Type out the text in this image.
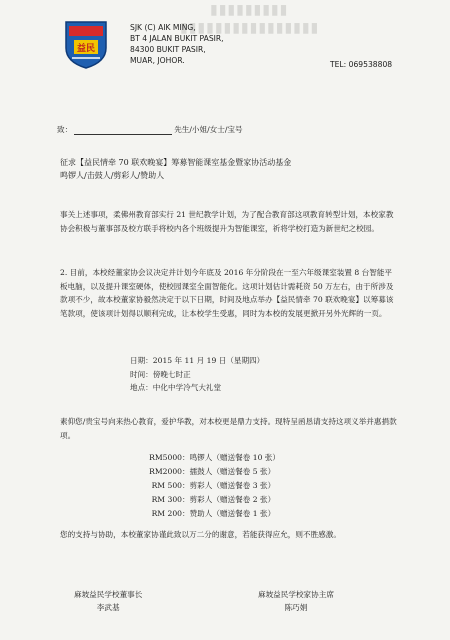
▮▮▮▮▮▮▮▮▮
▮▮▮▮▮▮▮▮▮▮▮▮▮▮▮▮
益民
SJK (C) AIK MING,
BT 4 JALAN BUKIT PASIR,
84300 BUKIT PASIR,
MUAR, JOHOR.	TEL: 069538808
致：	先生/小姐/女士/宝号
征求【益民情牵 70 联欢晚宴】筹募智能课室基金暨家协活动基金
鸣锣人/击鼓人/剪彩人/赞助人

事关上述事项，柔佛州教育部实行 21 世纪教学计划，为了配合教育部这项教育转型计划，本校家教协会积极与董事部及校方联手将校内各个班级提升为智能课室，祈将学校打造为新世纪之校园。

2. 目前，本校经董家协会议决定并计划今年底及 2016 年分阶段在一至六年级课室装置 8 台智能平板电脑，以及提升课室硬体，使校园课室全面智能化。这项计划估计需耗资 50 万左右，由于所涉及款项不少，故本校董家协毅然决定于以下日期，时间及地点举办【益民情牵 70 联欢晚宴】以筹募该笔款项，使该项计划得以顺利完成，让本校学生受惠，同时为本校的发展更掀开另外光辉的一页。

日期：2015 年 11 月 19 日（星期四）
时间：傍晚七时正
地点：中化中学冷气大礼堂

素仰您/贵宝号向来热心教育，爱护华教，对本校更是鼎力支持。现特呈函恳请支持这项义举并惠捐款项。

RM5000 ：鸣锣人 （赠送餐卷 10 张）
RM2000 ：擂鼓人 （赠送餐卷 5 张）
RM 500 ：剪彩人 （赠送餐卷 3 张）
RM 300 ：剪彩人 （赠送餐卷 2 张）
RM 200 ：赞助人 （赠送餐卷 1 张）

您的支持与协助，本校董家协谨此致以万二分的谢意，若能获得应允，则不胜感激。

麻坡益民学校董事长
李武基
麻坡益民学校家协主席
陈巧娟
